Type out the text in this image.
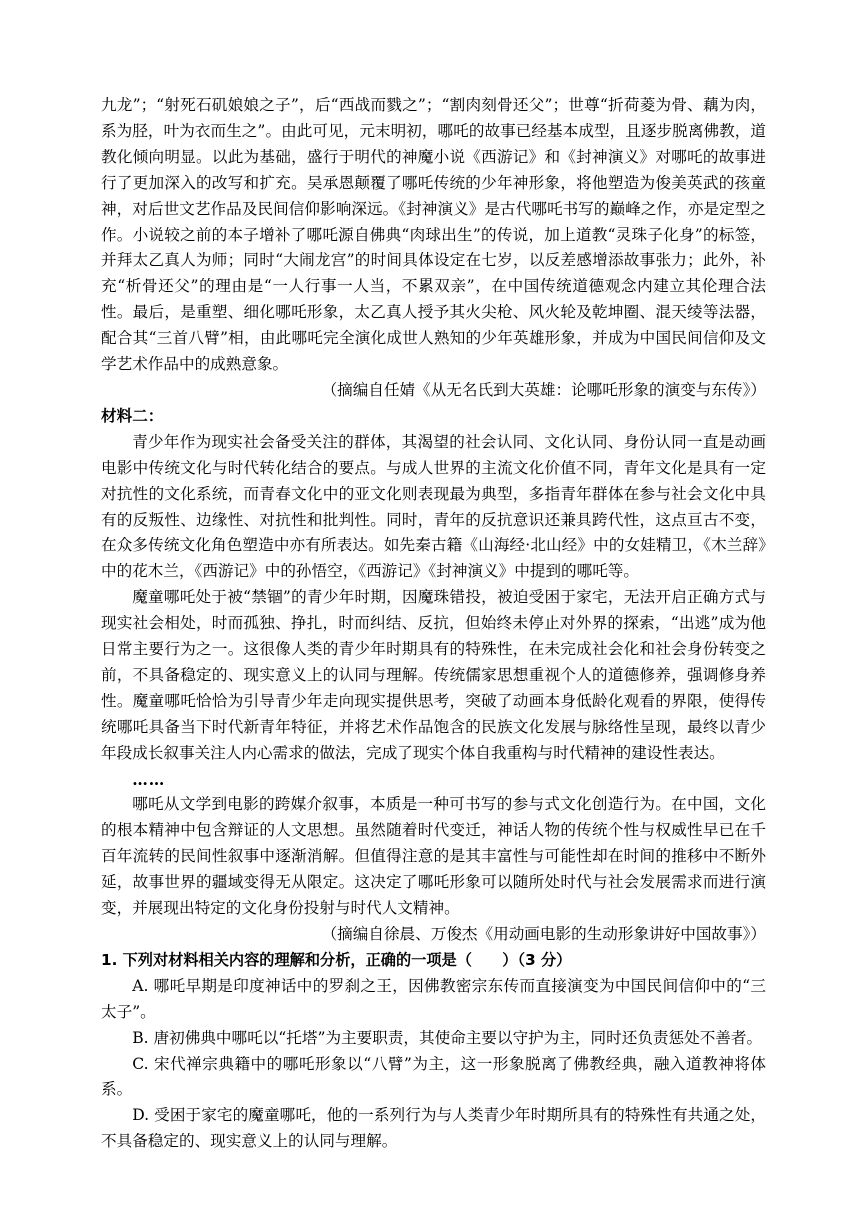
九龙”；“射死石矶娘娘之子”，后“西战而戮之”；“割肉刻骨还父”；世尊“折荷菱为骨、藕为肉，系为胫，叶为衣而生之”。由此可见，元末明初，哪吒的故事已经基本成型，且逐步脱离佛教，道教化倾向明显。以此为基础，盛行于明代的神魔小说《西游记》和《封神演义》对哪吒的故事进行了更加深入的改写和扩充。吴承恩颠覆了哪吒传统的少年神形象，将他塑造为俊美英武的孩童神，对后世文艺作品及民间信仰影响深远。《封神演义》是古代哪吒书写的巅峰之作，亦是定型之作。小说较之前的本子增补了哪吒源自佛典“肉球出生”的传说，加上道教“灵珠子化身”的标签，并拜太乙真人为师；同时“大闹龙宫”的时间具体设定在七岁，以反差感增添故事张力；此外，补充“析骨还父”的理由是“一人行事一人当，不累双亲”，在中国传统道德观念内建立其伦理合法性。最后，是重塑、细化哪吒形象，太乙真人授予其火尖枪、风火轮及乾坤圈、混天绫等法器，配合其“三首八臂”相，由此哪吒完全演化成世人熟知的少年英雄形象，并成为中国民间信仰及文学艺术作品中的成熟意象。

（摘编自任婧《从无名氏到大英雄：论哪吒形象的演变与东传》）

材料二：

青少年作为现实社会备受关注的群体，其渴望的社会认同、文化认同、身份认同一直是动画电影中传统文化与时代转化结合的要点。与成人世界的主流文化价值不同，青年文化是具有一定对抗性的文化系统，而青春文化中的亚文化则表现最为典型，多指青年群体在参与社会文化中具有的反叛性、边缘性、对抗性和批判性。同时，青年的反抗意识还兼具跨代性，这点亘古不变，在众多传统文化角色塑造中亦有所表达。如先秦古籍《山海经·北山经》中的女娃精卫，《木兰辞》中的花木兰，《西游记》中的孙悟空，《西游记》《封神演义》中提到的哪吒等。

魔童哪吒处于被“禁锢”的青少年时期，因魔珠错投，被迫受困于家宅，无法开启正确方式与现实社会相处，时而孤独、挣扎，时而纠结、反抗，但始终未停止对外界的探索，“出逃”成为他日常主要行为之一。这很像人类的青少年时期具有的特殊性，在未完成社会化和社会身份转变之前，不具备稳定的、现实意义上的认同与理解。传统儒家思想重视个人的道德修养，强调修身养性。魔童哪吒恰恰为引导青少年走向现实提供思考，突破了动画本身低龄化观看的界限，使得传统哪吒具备当下时代新青年特征，并将艺术作品饱含的民族文化发展与脉络性呈现，最终以青少年段成长叙事关注人内心需求的做法，完成了现实个体自我重构与时代精神的建设性表达。

……

哪吒从文学到电影的跨媒介叙事，本质是一种可书写的参与式文化创造行为。在中国，文化的根本精神中包含辩证的人文思想。虽然随着时代变迁，神话人物的传统个性与权威性早已在千百年流转的民间性叙事中逐渐消解。但值得注意的是其丰富性与可能性却在时间的推移中不断外延，故事世界的疆域变得无从限定。这决定了哪吒形象可以随所处时代与社会发展需求而进行演变，并展现出特定的文化身份投射与时代人文精神。

（摘编自徐晨、万俊杰《用动画电影的生动形象讲好中国故事》）

1. 下列对材料相关内容的理解和分析，正确的一项是（　　）（3 分）

A. 哪吒早期是印度神话中的罗刹之王，因佛教密宗东传而直接演变为中国民间信仰中的“三太子”。

B. 唐初佛典中哪吒以“托塔”为主要职责，其使命主要以守护为主，同时还负责惩处不善者。

C. 宋代禅宗典籍中的哪吒形象以“八臂”为主，这一形象脱离了佛教经典，融入道教神将体系。

D. 受困于家宅的魔童哪吒，他的一系列行为与人类青少年时期所具有的特殊性有共通之处，不具备稳定的、现实意义上的认同与理解。
